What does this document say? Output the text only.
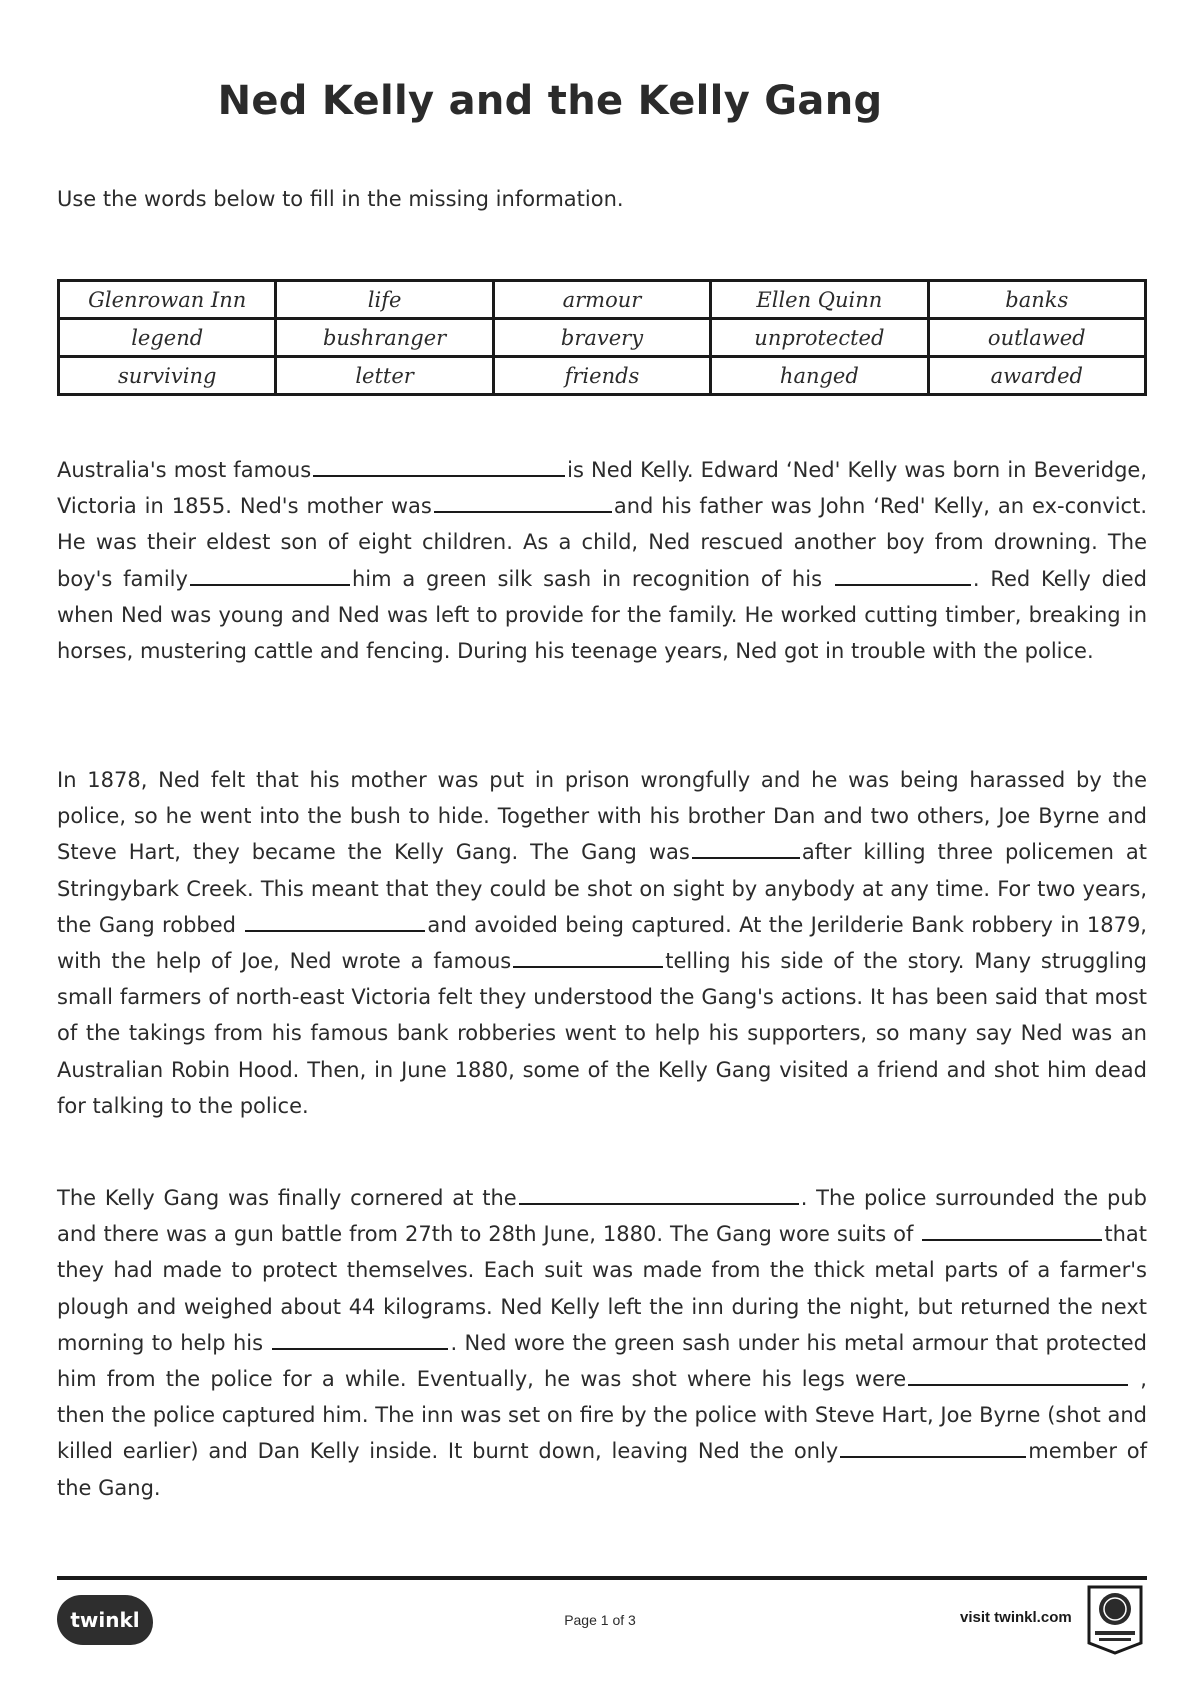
Ned Kelly and the Kelly Gang
Use the words below to fill in the missing information.
Glenrowan Inn	life	armour	Ellen Quinn	banks
legend	bushranger	bravery	unprotected	outlawed
surviving	letter	friends	hanged	awarded

Australia's most famous	is Ned Kelly. Edward ‘Ned' Kelly was born in Beveridge, Victoria in 1855. Ned's mother was	and his father was John ‘Red' Kelly, an ex-convict. He was their eldest son of eight children. As a child, Ned rescued another boy from drowning. The boy's family	him a green silk sash in recognition of his	. Red Kelly died when Ned was young and Ned was left to provide for the family. He worked cutting timber, breaking in horses, mustering cattle and fencing. During his teenage years, Ned got in trouble with the police.

In 1878, Ned felt that his mother was put in prison wrongfully and he was being harassed by the police, so he went into the bush to hide. Together with his brother Dan and two others, Joe Byrne and Steve Hart, they became the Kelly Gang. The Gang was	after killing three policemen at Stringybark Creek. This meant that they could be shot on sight by anybody at any time. For two years, the Gang robbed	and avoided being captured. At the Jerilderie Bank robbery in 1879, with the help of Joe, Ned wrote a famous	telling his side of the story. Many struggling small farmers of north-east Victoria felt they understood the Gang's actions. It has been said that most of the takings from his famous bank robberies went to help his supporters, so many say Ned was an Australian Robin Hood. Then, in June 1880, some of the Kelly Gang visited a friend and shot him dead for talking to the police.

The Kelly Gang was finally cornered at the	. The police surrounded the pub and there was a gun battle from 27th to 28th June, 1880. The Gang wore suits of	that they had made to protect themselves. Each suit was made from the thick metal parts of a farmer's plough and weighed about 44 kilograms. Ned Kelly left the inn during the night, but returned the next morning to help his	. Ned wore the green sash under his metal armour that protected him from the police for a while. Eventually, he was shot where his legs were	, then the police captured him. The inn was set on fire by the police with Steve Hart, Joe Byrne (shot and killed earlier) and Dan Kelly inside. It burnt down, leaving Ned the only	member of the Gang.

twinkl	Page 1 of 3	visit twinkl.com
